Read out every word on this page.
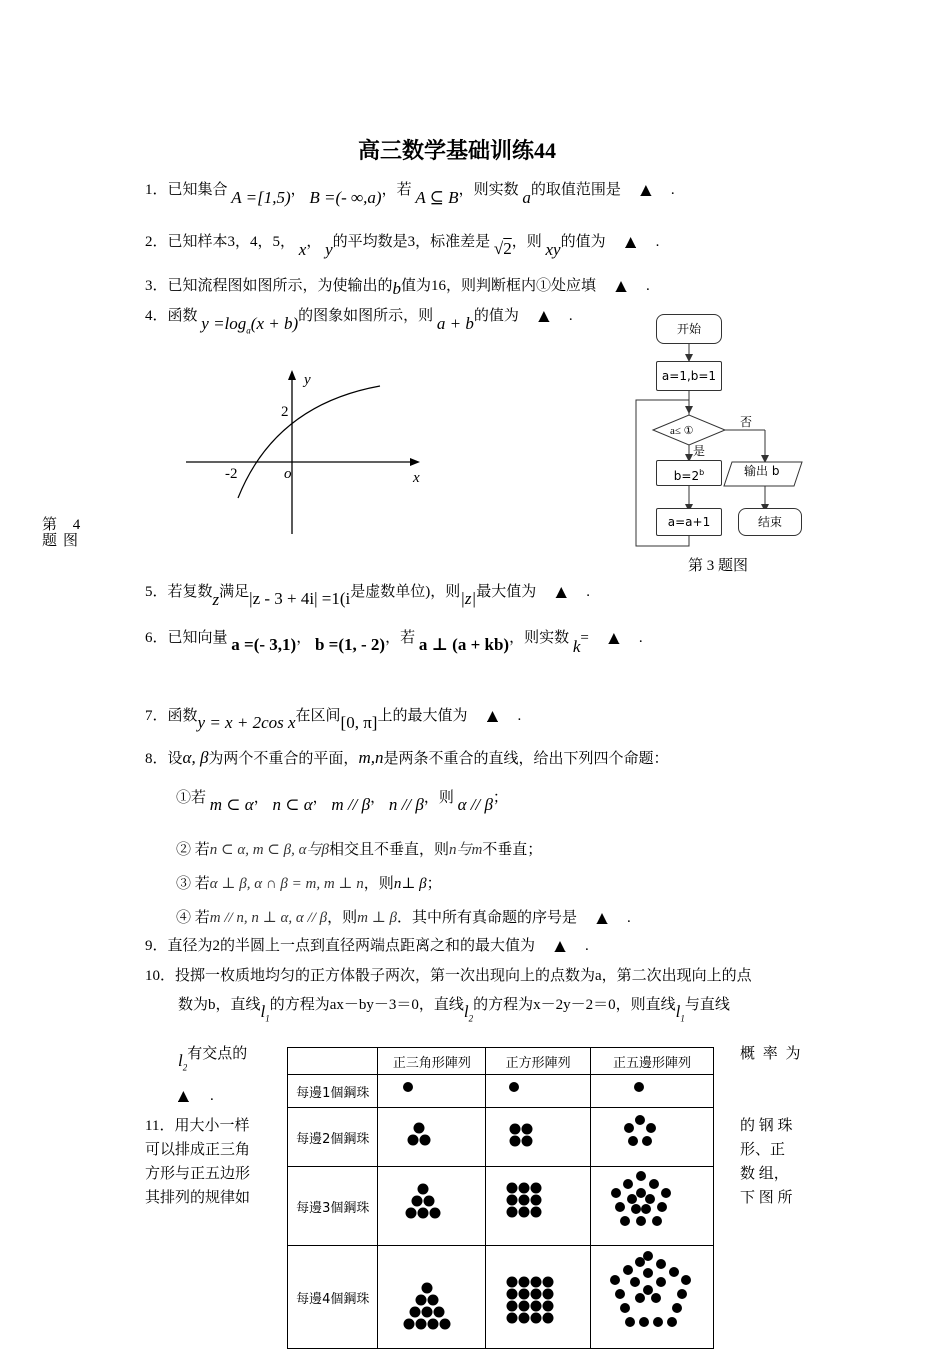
高三数学基础训练44
1．已知集合 A =[1,5)， B =(- ∞,a)，若 A ⊆ B，则实数 a的取值范围是 ▲ .
2．已知样本3，4，5， x， y的平均数是3，标准差是 √2，则 xy的值为 ▲ .
3．已知流程图如图所示，为使输出的b值为16，则判断框内①处应填 ▲ .
4．函数 $y =\log_a(x + b)$的图象如图所示，则 a + b的值为 ▲ .
y
x
o
2
-2
第 4 题图
a≤ ①
否
是
开始
a=1,b=1
$b=2^b$	输出 b
a=a+1	结束
第 3 题图
5．若复数z满足|z - 3 + 4i| =1(i是虚数单位)，则|z|最大值为 ▲ .
6．已知向量 a =(- 3,1)， b =(1, - 2)，若 a ⊥ (a + kb)，则实数 k= ▲ .
7．函数y = x + 2cos x在区间[0, π]上的最大值为 ▲ .
8．设α, β为两个不重合的平面，m,n是两条不重合的直线，给出下列四个命题：
①若 m ⊂ α， n ⊂ α， m // β， n // β，则 α // β；
② 若n ⊂ α, m ⊂ β, α与β相交且不垂直，则n与m不垂直；
③ 若α ⊥ β, α ∩ β = m, m ⊥ n，则n⊥ β；
④ 若m // n, n ⊥ α, α // β，则m ⊥ β．其中所有真命题的序号是 ▲ .
9．直径为2的半圆上一点到直径两端点距离之和的最大值为 ▲ .
10．投掷一枚质地均匀的正方体骰子两次，第一次出现向上的点数为a，第二次出现向上的点
数为b，直线$l_1$的方程为ax－by－3＝0，直线$l_2$的方程为x－2y－2＝0，则直线$l_1$与直线
$l_2$有交点的	概 率 为
▲ .
11．用大小一样
可以排成正三角
方形与正五边形
其排列的规律如
的 钢 珠
形、正
数 组，
下 图 所
	正三角形陣列	正方形陣列	正五邊形陣列
每邊1個鋼珠			
每邊2個鋼珠			
每邊3個鋼珠			
每邊4個鋼珠			
